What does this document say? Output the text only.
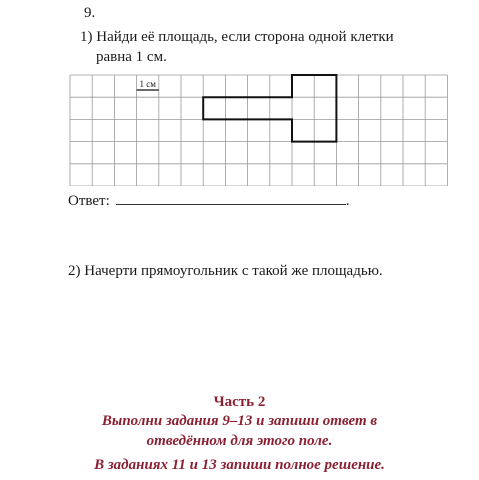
9.
1) Найди её площадь, если сторона одной клетки
равна 1 см.
1 см
Ответ:	.
2) Начерти прямоугольник с такой же площадью.
Часть 2
Выполни задания 9–13 и запиши ответ в
отведённом для этого поле.
В заданиях 11 и 13 запиши полное решение.
